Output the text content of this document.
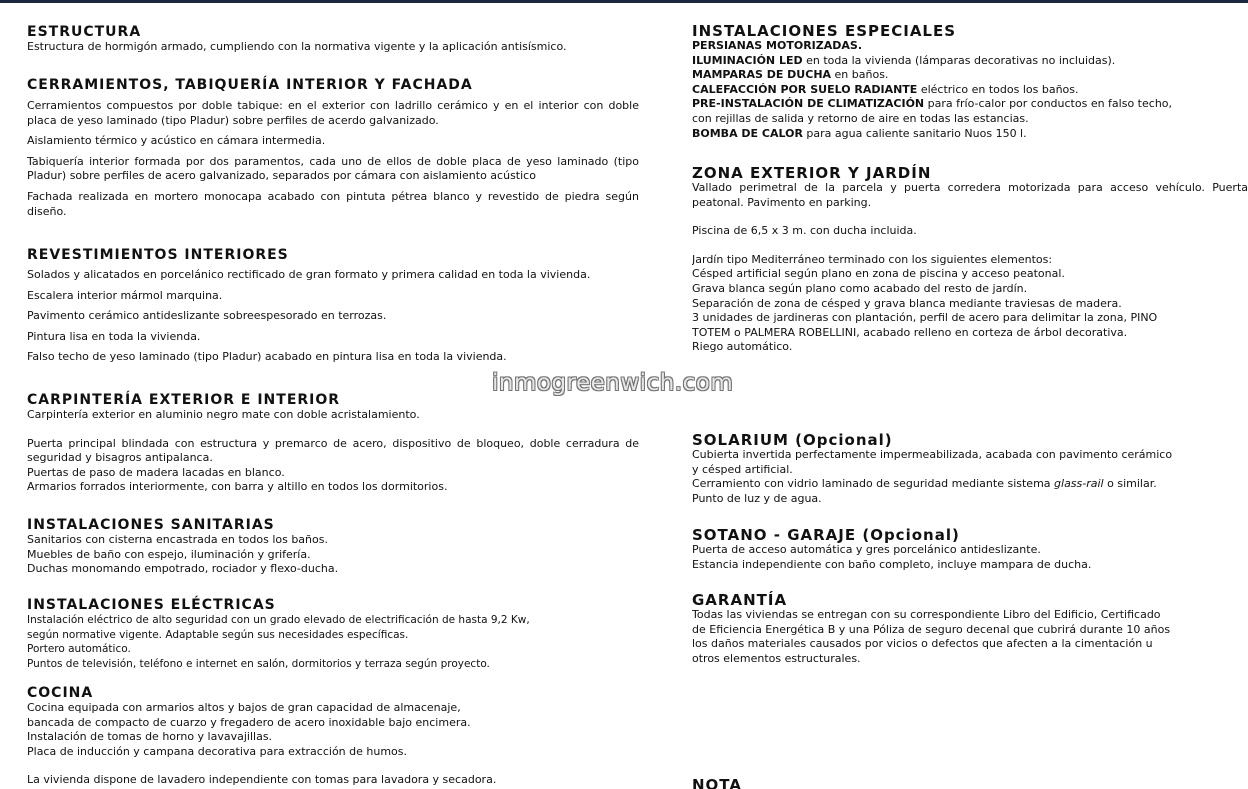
ESTRUCTURA

Estructura de hormigón armado, cumpliendo con la normativa vigente y la aplicación antisísmico.

CERRAMIENTOS, TABIQUERÍA INTERIOR Y FACHADA

Cerramientos compuestos por doble tabique: en el exterior con ladrillo cerámico y en el interior con doble placa de yeso laminado (tipo Pladur) sobre perfiles de acerdo galvanizado.

Aislamiento térmico y acústico en cámara intermedia.

Tabiquería interior formada por dos paramentos, cada uno de ellos de doble placa de yeso laminado (tipo Pladur) sobre perfiles de acero galvanizado, separados por cámara con aislamiento acústico

Fachada realizada en mortero monocapa acabado con pintuta pétrea blanco y revestido de piedra según diseño.

REVESTIMIENTOS INTERIORES

Solados y alicatados en porcelánico rectificado de gran formato y primera calidad en toda la vivienda.

Escalera interior mármol marquina.

Pavimento cerámico antideslizante sobreespesorado en terrozas.

Pintura lisa en toda la vivienda.

Falso techo de yeso laminado (tipo Pladur) acabado en pintura lisa en toda la vivienda.

CARPINTERÍA EXTERIOR E INTERIOR

Carpintería exterior en aluminio negro mate con doble acristalamiento.

Puerta principal blindada con estructura y premarco de acero, dispositivo de bloqueo, doble cerradura de seguridad y bisagros antipalanca.

Puertas de paso de madera lacadas en blanco.

Armarios forrados interiormente, con barra y altillo en todos los dormitorios.

INSTALACIONES SANITARIAS

Sanitarios con cisterna encastrada en todos los baños.

Muebles de baño con espejo, iluminación y grifería.

Duchas monomando empotrado, rociador y flexo-ducha.

INSTALACIONES ELÉCTRICAS

Instalación eléctrico de alto seguridad con un grado elevado de electrificación de hasta 9,2 Kw,

según normative vigente. Adaptable según sus necesidades específicas.

Portero automático.

Puntos de televisión, teléfono e internet en salón, dormitorios y terraza según proyecto.

COCINA

Cocina equipada con armarios altos y bajos de gran capacidad de almacenaje,

bancada de compacto de cuarzo y fregadero de acero inoxidable bajo encimera.

Instalación de tomas de horno y lavavajillas.

Placa de inducción y campana decorativa para extracción de humos.

La vivienda dispone de lavadero independiente con tomas para lavadora y secadora.

INSTALACIONES ESPECIALES

PERSIANAS MOTORIZADAS.

ILUMINACIÓN LED en toda la vivienda (lámparas decorativas no incluidas).

MAMPARAS DE DUCHA en baños.

CALEFACCIÓN POR SUELO RADIANTE eléctrico en todos los baños.

PRE-INSTALACIÓN DE CLIMATIZACIÓN para frío-calor por conductos en falso techo,

con rejillas de salida y retorno de aire en todas las estancias.

BOMBA DE CALOR para agua caliente sanitario Nuos 150 l.

ZONA EXTERIOR Y JARDÍN

Vallado perimetral de la parcela y puerta corredera motorizada para acceso vehículo. Puerta peatonal. Pavimento en parking.

Piscina de 6,5 x 3 m. con ducha incluida.

Jardín tipo Mediterráneo terminado con los siguientes elementos:

Césped artificial según plano en zona de piscina y acceso peatonal.

Grava blanca según plano como acabado del resto de jardín.

Separación de zona de césped y grava blanca mediante traviesas de madera.

3 unidades de jardineras con plantación, perfil de acero para delimitar la zona, PINO

TOTEM o PALMERA ROBELLINI, acabado relleno en corteza de árbol decorativa.

Riego automático.

SOLARIUM (Opcional)

Cubierta invertida perfectamente impermeabilizada, acabada con pavimento cerámico

y césped artificial.

Cerramiento con vidrio laminado de seguridad mediante sistema glass-rail o similar.

Punto de luz y de agua.

SOTANO - GARAJE (Opcional)

Puerta de acceso automática y gres porcelánico antideslizante.

Estancia independiente con baño completo, incluye mampara de ducha.

GARANTÍA

Todas las viviendas se entregan con su correspondiente Libro del Edificio, Certificado

de Eficiencia Energética B y una Póliza de seguro decenal que cubrirá durante 10 años

los daños materiales causados por vicios o defectos que afecten a la cimentación u

otros elementos estructurales.

NOTA
inmogreenwich.com
